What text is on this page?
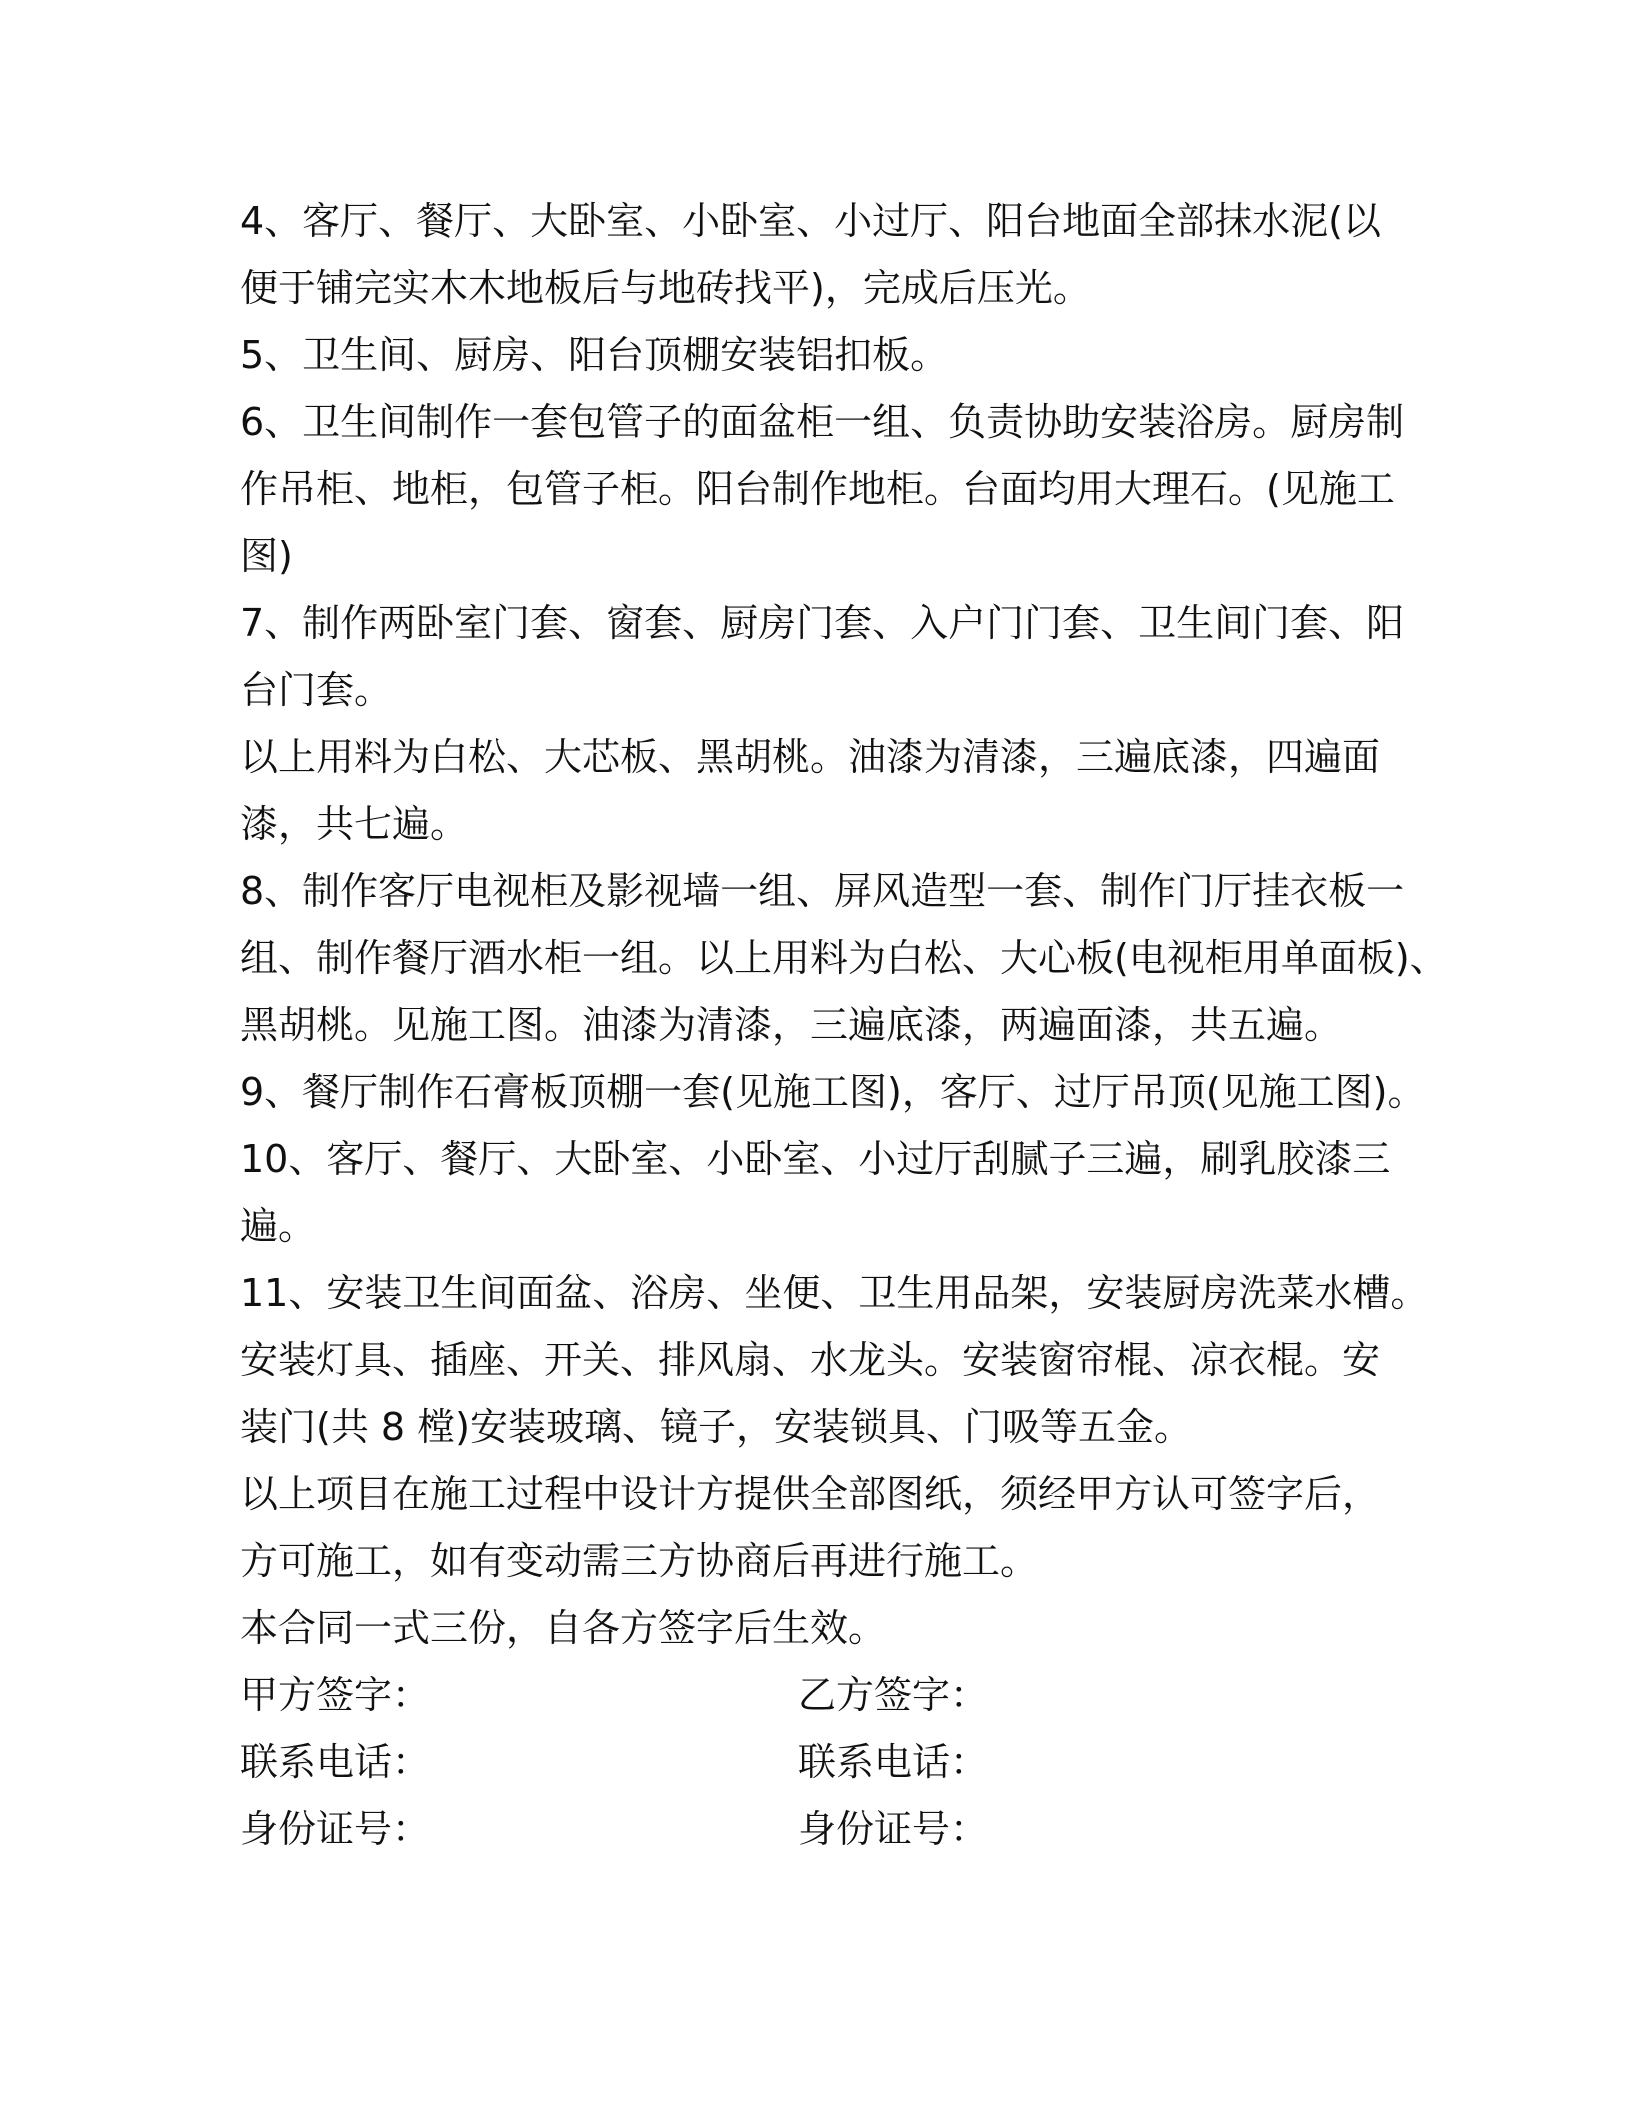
4、客厅、餐厅、大卧室、小卧室、小过厅、阳台地面全部抹水泥(以
便于铺完实木木地板后与地砖找平)，完成后压光。
5、卫生间、厨房、阳台顶棚安装铝扣板。
6、卫生间制作一套包管子的面盆柜一组、负责协助安装浴房。厨房制
作吊柜、地柜，包管子柜。阳台制作地柜。台面均用大理石。(见施工
图)
7、制作两卧室门套、窗套、厨房门套、入户门门套、卫生间门套、阳
台门套。
以上用料为白松、大芯板、黑胡桃。油漆为清漆，三遍底漆，四遍面
漆，共七遍。
8、制作客厅电视柜及影视墙一组、屏风造型一套、制作门厅挂衣板一
组、制作餐厅酒水柜一组。以上用料为白松、大心板(电视柜用单面板)、
黑胡桃。见施工图。油漆为清漆，三遍底漆，两遍面漆，共五遍。
9、餐厅制作石膏板顶棚一套(见施工图)，客厅、过厅吊顶(见施工图)。
10、客厅、餐厅、大卧室、小卧室、小过厅刮腻子三遍，刷乳胶漆三
遍。
11、安装卫生间面盆、浴房、坐便、卫生用品架，安装厨房洗菜水槽。
安装灯具、插座、开关、排风扇、水龙头。安装窗帘棍、凉衣棍。安
装门(共 8 樘)安装玻璃、镜子，安装锁具、门吸等五金。
以上项目在施工过程中设计方提供全部图纸，须经甲方认可签字后，
方可施工，如有变动需三方协商后再进行施工。
本合同一式三份，自各方签字后生效。
甲方签字：	乙方签字：
联系电话：	联系电话：
身份证号：	身份证号：
